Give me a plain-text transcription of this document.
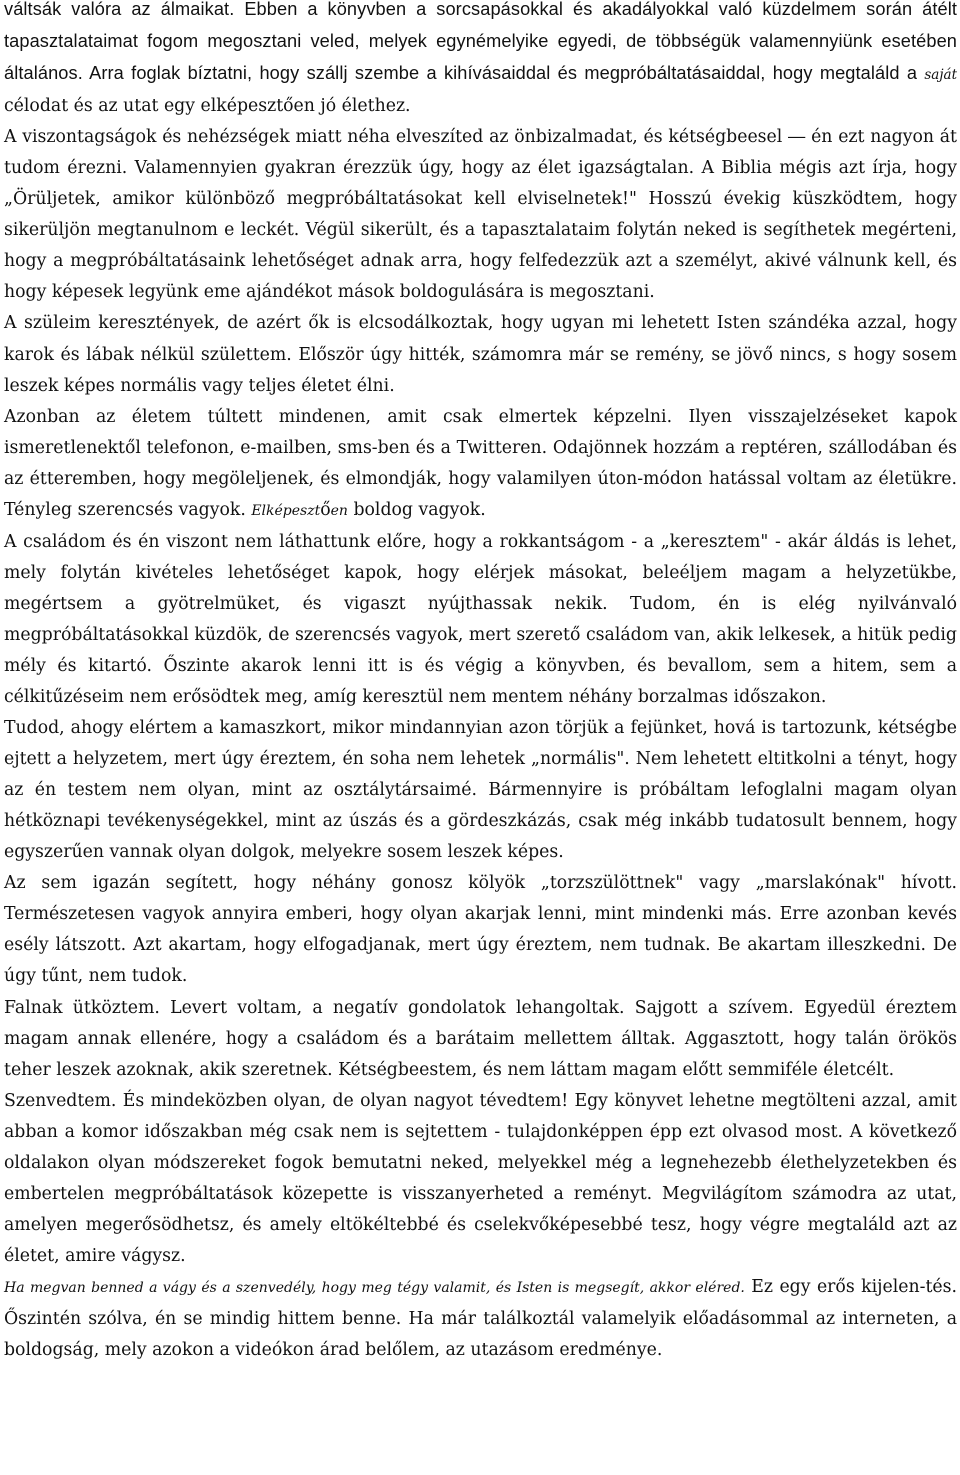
váltsák valóra az álmaikat. Ebben a könyvben a sorcsapásokkal és akadályokkal való küzdelmem során átélt tapasztalataimat fogom megosztani veled, melyek egynémelyike egyedi, de többségük valamennyiünk esetében általános. Arra foglak bíztatni, hogy szállj szembe a kihívásaiddal és megpróbáltatásaiddal, hogy megtaláld a saját célodat és az utat egy elképesztően jó élethez.

A viszontagságok és nehézségek miatt néha elveszíted az önbizalmadat, és kétségbeesel ― én ezt nagyon át tudom érezni. Valamennyien gyakran érezzük úgy, hogy az élet igazságtalan. A Biblia mégis azt írja, hogy „Örüljetek, amikor különböző megpróbáltatásokat kell elviselnetek!" Hosszú évekig küszködtem, hogy sikerüljön megtanulnom e leckét. Végül sikerült, és a tapasztalataim folytán neked is segíthetek megérteni, hogy a megpróbáltatásaink lehetőséget adnak arra, hogy felfedezzük azt a személyt, akivé válnunk kell, és hogy képesek legyünk eme ajándékot mások boldogulására is megosztani.

A szüleim keresztények, de azért ők is elcsodálkoztak, hogy ugyan mi lehetett Isten szándéka azzal, hogy karok és lábak nélkül születtem. Először úgy hitték, számomra már se remény, se jövő nincs, s hogy sosem leszek képes normális vagy teljes életet élni.

Azonban az életem túltett mindenen, amit csak elmertek képzelni. Ilyen visszajelzéseket kapok ismeretlenektől telefonon, e-mailben, sms-ben és a Twitteren. Odajönnek hozzám a reptéren, szállodában és az étteremben, hogy megöleljenek, és elmondják, hogy valamilyen úton-módon hatással voltam az életükre. Tényleg szerencsés vagyok. Elképesztően boldog vagyok.

A családom és én viszont nem láthattunk előre, hogy a rokkantságom - a „keresztem" - akár áldás is lehet, mely folytán kivételes lehetőséget kapok, hogy elérjek másokat, beleéljem magam a helyzetükbe, megértsem a gyötrelmüket, és vigaszt nyújthassak nekik. Tudom, én is elég nyilvánvaló megpróbáltatásokkal küzdök, de szerencsés vagyok, mert szerető családom van, akik lelkesek, a hitük pedig mély és kitartó. Őszinte akarok lenni itt is és végig a könyvben, és bevallom, sem a hitem, sem a célkitűzéseim nem erősödtek meg, amíg keresztül nem mentem néhány borzalmas időszakon.

Tudod, ahogy elértem a kamaszkort, mikor mindannyian azon törjük a fejünket, hová is tartozunk, kétségbe ejtett a helyzetem, mert úgy éreztem, én soha nem lehetek „normális". Nem lehetett eltitkolni a tényt, hogy az én testem nem olyan, mint az osztálytársaimé. Bármennyire is próbáltam lefoglalni magam olyan hétköznapi tevékenységekkel, mint az úszás és a gördeszkázás, csak még inkább tudatosult bennem, hogy egyszerűen vannak olyan dolgok, melyekre sosem leszek képes.

Az sem igazán segített, hogy néhány gonosz kölyök „torzszülöttnek" vagy „marslakónak" hívott. Természetesen vagyok annyira emberi, hogy olyan akarjak lenni, mint mindenki más. Erre azonban kevés esély látszott. Azt akartam, hogy elfogadjanak, mert úgy éreztem, nem tudnak. Be akartam illeszkedni. De úgy tűnt, nem tudok.

Falnak ütköztem. Levert voltam, a negatív gondolatok lehangoltak. Sajgott a szívem. Egyedül éreztem magam annak ellenére, hogy a családom és a barátaim mellettem álltak. Aggasztott, hogy talán örökös teher leszek azoknak, akik szeretnek. Kétségbeestem, és nem láttam magam előtt semmiféle életcélt.

Szenvedtem. És mindeközben olyan, de olyan nagyot tévedtem! Egy könyvet lehetne megtölteni azzal, amit abban a komor időszakban még csak nem is sejtettem - tulajdonképpen épp ezt olvasod most. A következő oldalakon olyan módszereket fogok bemutatni neked, melyekkel még a legnehezebb élethelyzetekben és embertelen megpróbáltatások közepette is visszanyerheted a reményt. Megvilágítom számodra az utat, amelyen megerősödhetsz, és amely eltökéltebbé és cselekvőképesebbé tesz, hogy végre megtaláld azt az életet, amire vágysz.

Ha megvan benned a vágy és a szenvedély, hogy meg tégy valamit, és Isten is megsegít, akkor eléred. Ez egy erős kijelen-tés. Őszintén szólva, én se mindig hittem benne. Ha már találkoztál valamelyik előadásommal az interneten, a boldogság, mely azokon a videókon árad belőlem, az utazásom eredménye.
